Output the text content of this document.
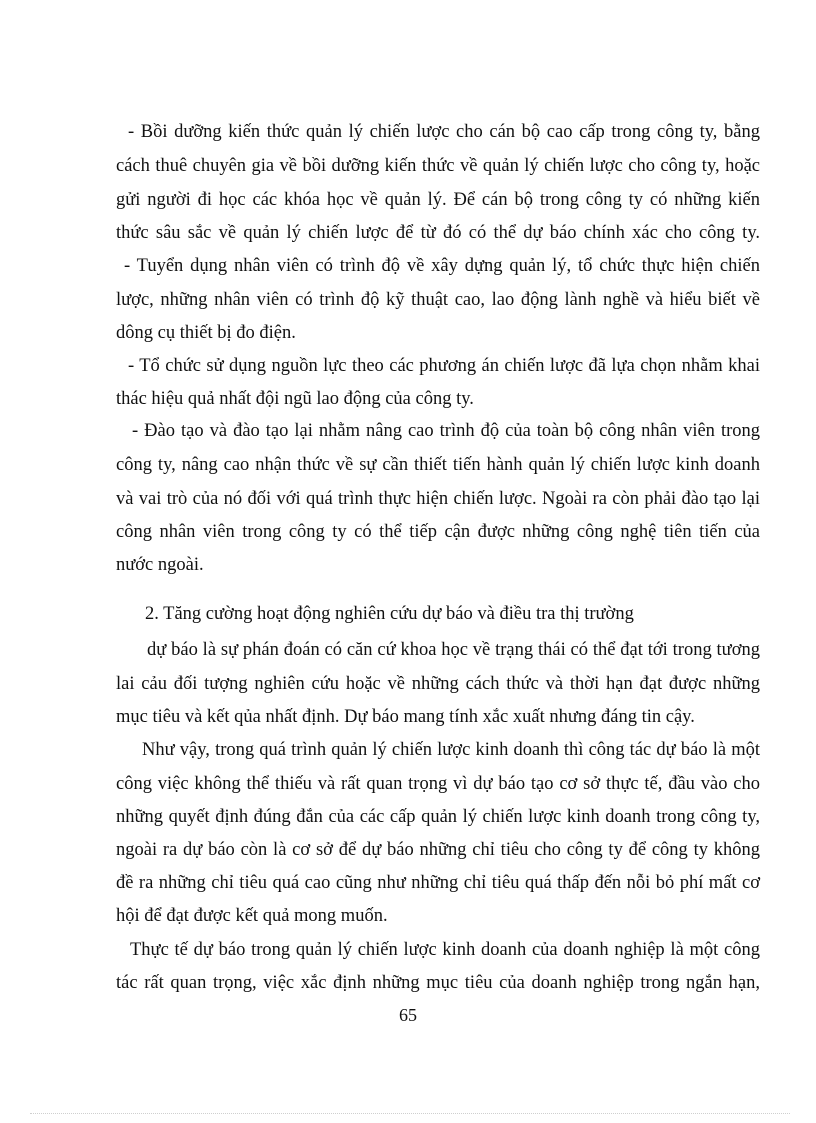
- Bồi dưỡng kiến thức quản lý chiến lược cho cán bộ cao cấp trong công ty, bằng
cách thuê chuyên gia về bồi dưỡng kiến thức về quản lý chiến lược cho công ty, hoặc
gửi người đi học các khóa học về quản lý. Để cán bộ trong công ty có những kiến
thức sâu sắc về quản lý chiến lược để từ đó có thể dự báo chính xác cho công ty.
- Tuyển dụng nhân viên có trình độ về xây dựng quản lý, tổ chức thực hiện chiến
lược, những nhân viên có trình độ kỹ thuật cao, lao động lành nghề và hiểu biết về
dông cụ thiết bị đo điện.
- Tổ chức sử dụng nguồn lực theo các phương án chiến lược đã lựa chọn nhằm khai
thác hiệu quả nhất đội ngũ lao động của công ty.
- Đào tạo và đào tạo lại nhằm nâng cao trình độ của toàn bộ công nhân viên trong
công ty, nâng cao nhận thức về sự cần thiết tiến hành quản lý chiến lược kinh doanh
và vai trò của nó đối với quá trình thực hiện chiến lược. Ngoài ra còn phải đào tạo lại
công nhân viên trong công ty có thể tiếp cận được những công nghệ tiên tiến của
nước ngoài.
2. Tăng cường hoạt động nghiên cứu dự báo và điều tra thị trường
dự báo là sự phán đoán có căn cứ khoa học về trạng thái có thể đạt tới trong tương
lai cảu đối tượng nghiên cứu hoặc về những cách thức và thời hạn đạt được những
mục tiêu và kết qủa nhất định. Dự báo mang tính xắc xuất nhưng đáng tin cậy.
Như vậy, trong quá trình quản lý chiến lược kinh doanh thì công tác dự báo là một
công việc không thể thiếu và rất quan trọng vì dự báo tạo cơ sở thực tế, đầu vào cho
những quyết định đúng đắn của các cấp quản lý chiến lược kinh doanh trong công ty,
ngoài ra dự báo còn là cơ sở để dự báo những chỉ tiêu cho công ty để công ty không
đề ra những chỉ tiêu quá cao cũng như những chỉ tiêu quá thấp đến nỗi bỏ phí mất cơ
hội để đạt được kết quả mong muốn.
Thực tế dự báo trong quản lý chiến lược kinh doanh của doanh nghiệp là một công
tác rất quan trọng, việc xắc định những mục tiêu của doanh nghiệp trong ngắn hạn,
65
